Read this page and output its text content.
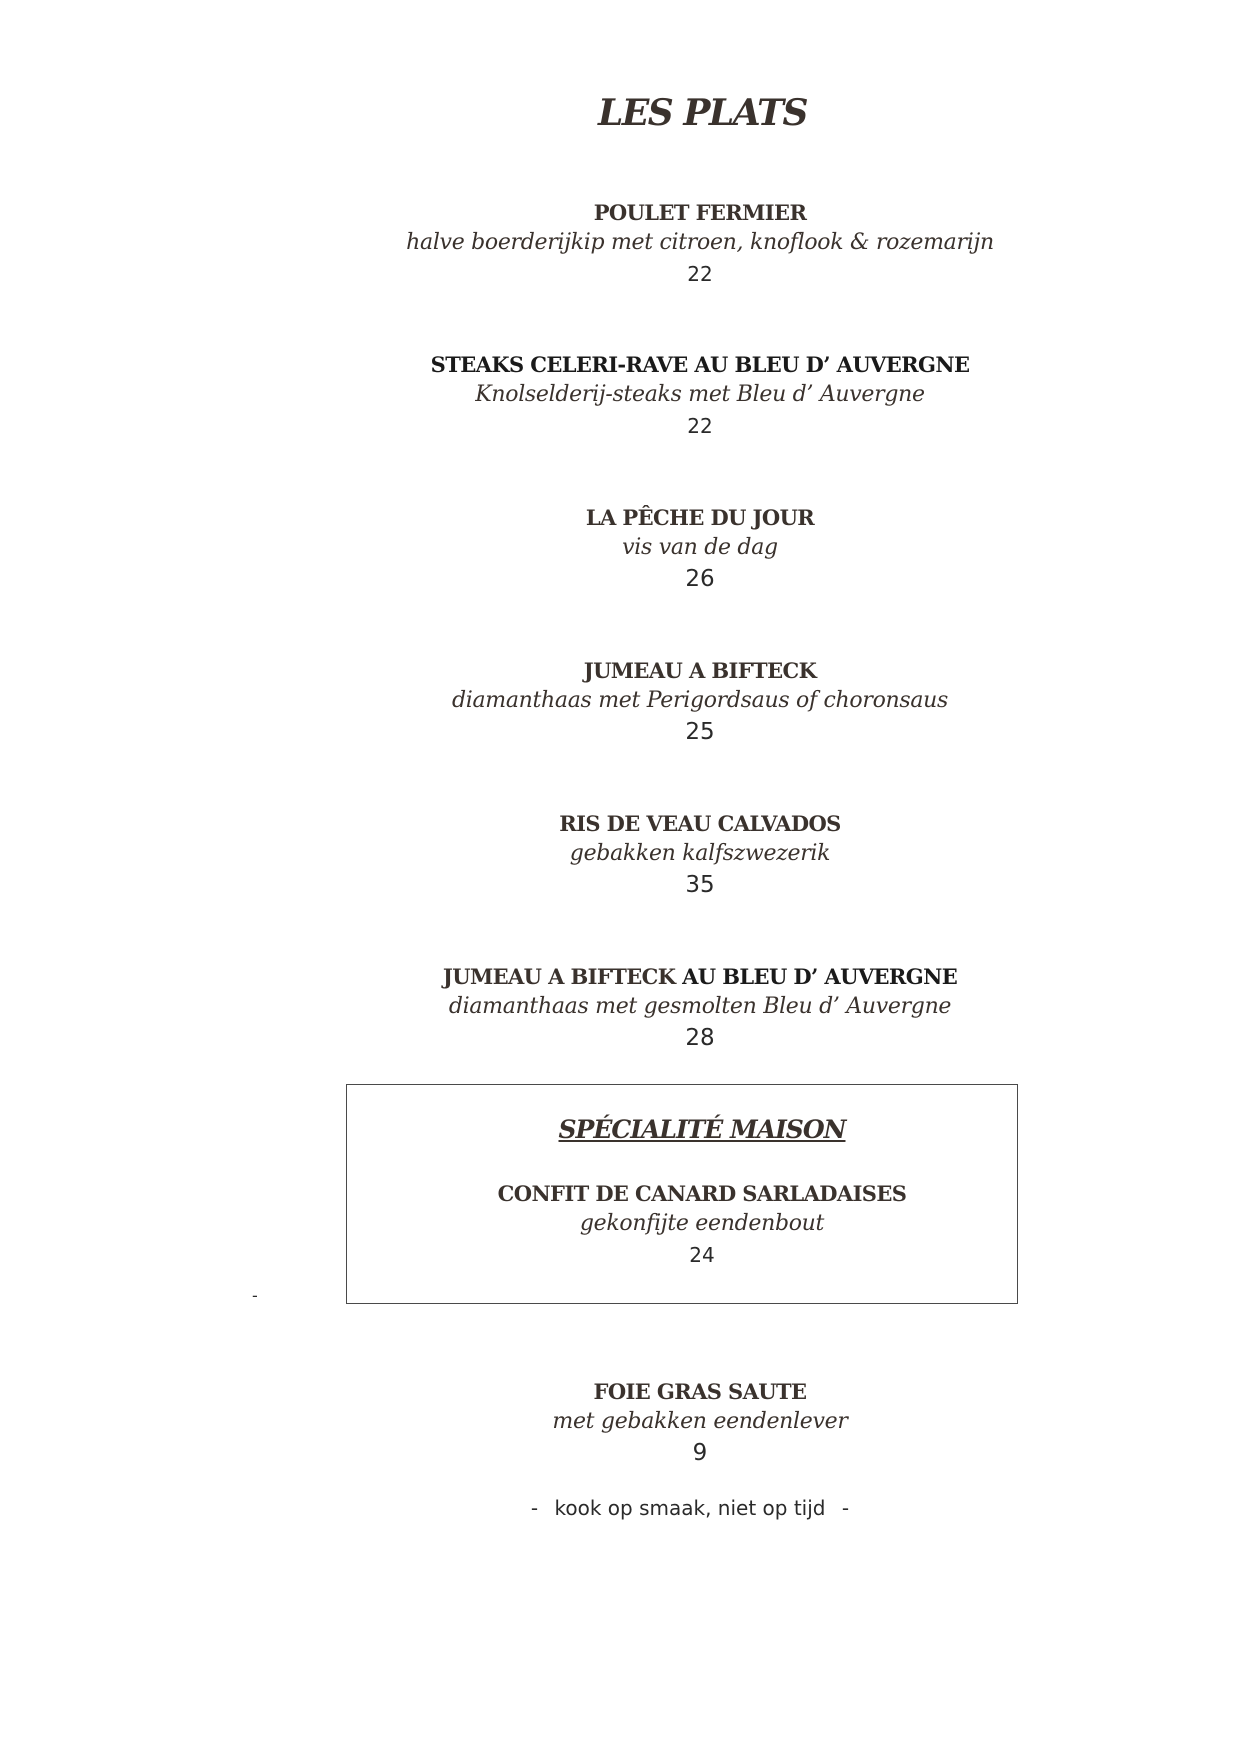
LES PLATS
POULET FERMIER
halve boerderijkip met citroen, knoflook & rozemarijn
22
STEAKS CELERI-RAVE AU BLEU D’ AUVERGNE
Knolselderij-steaks met Bleu d’ Auvergne
22
LA PÊCHE DU JOUR
vis van de dag
26
JUMEAU A BIFTECK
diamanthaas met Perigordsaus of choronsaus
25
RIS DE VEAU CALVADOS
gebakken kalfszwezerik
35
JUMEAU A BIFTECK AU BLEU D’ AUVERGNE
diamanthaas met gesmolten Bleu d’ Auvergne
28
SPÉCIALITÉ MAISON
CONFIT DE CANARD SARLADAISES
gekonfijte eendenbout
24
-
FOIE GRAS SAUTE
met gebakken eendenlever
9
- kook op smaak, niet op tijd -
